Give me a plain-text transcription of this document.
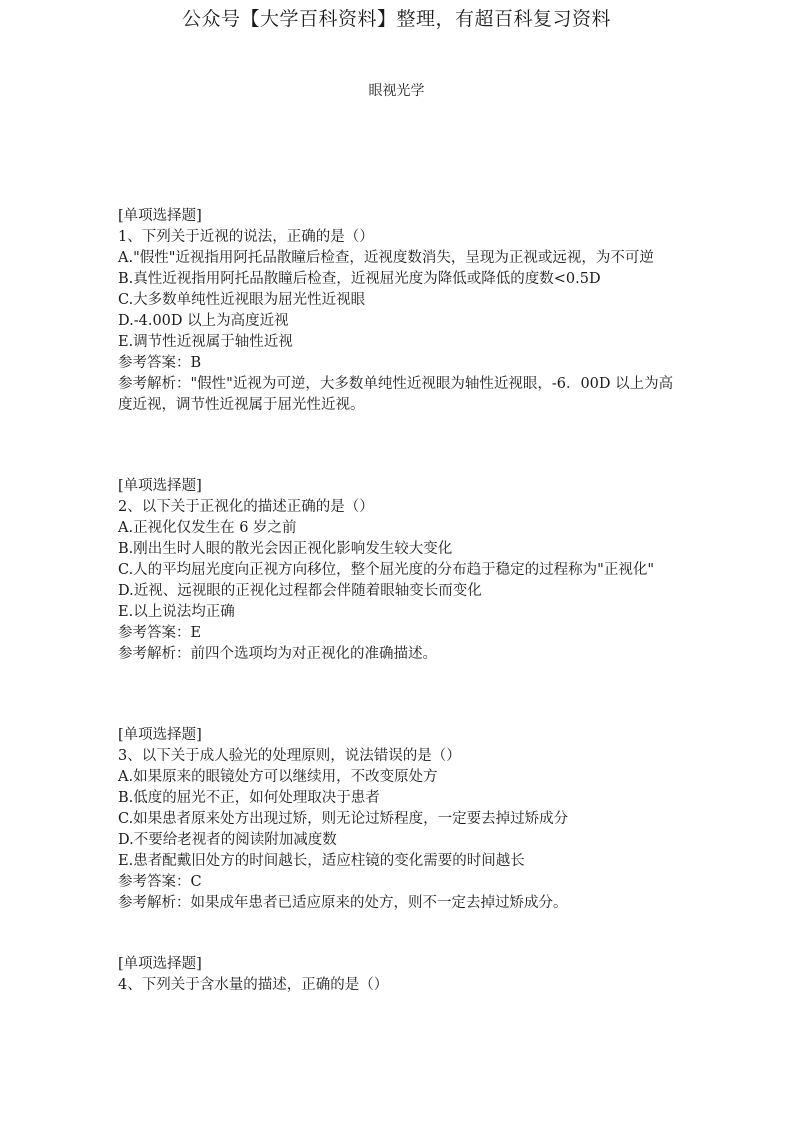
公众号【大学百科资料】整理，有超百科复习资料
眼视光学
[单项选择题]
1、下列关于近视的说法，正确的是（）
A."假性"近视指用阿托品散瞳后检查，近视度数消失，呈现为正视或远视，为不可逆
B.真性近视指用阿托品散瞳后检查，近视屈光度为降低或降低的度数<0.5D
C.大多数单纯性近视眼为屈光性近视眼
D.-4.00D 以上为高度近视
E.调节性近视属于轴性近视
参考答案：B
参考解析："假性"近视为可逆，大多数单纯性近视眼为轴性近视眼，-6．00D 以上为高度近视，调节性近视属于屈光性近视。
[单项选择题]
2、以下关于正视化的描述正确的是（）
A.正视化仅发生在 6 岁之前
B.刚出生时人眼的散光会因正视化影响发生较大变化
C.人的平均屈光度向正视方向移位，整个屈光度的分布趋于稳定的过程称为"正视化"
D.近视、远视眼的正视化过程都会伴随着眼轴变长而变化
E.以上说法均正确
参考答案：E
参考解析：前四个选项均为对正视化的准确描述。
[单项选择题]
3、以下关于成人验光的处理原则，说法错误的是（）
A.如果原来的眼镜处方可以继续用，不改变原处方
B.低度的屈光不正，如何处理取决于患者
C.如果患者原来处方出现过矫，则无论过矫程度，一定要去掉过矫成分
D.不要给老视者的阅读附加减度数
E.患者配戴旧处方的时间越长，适应柱镜的变化需要的时间越长
参考答案：C
参考解析：如果成年患者已适应原来的处方，则不一定去掉过矫成分。
[单项选择题]
4、下列关于含水量的描述，正确的是（）
